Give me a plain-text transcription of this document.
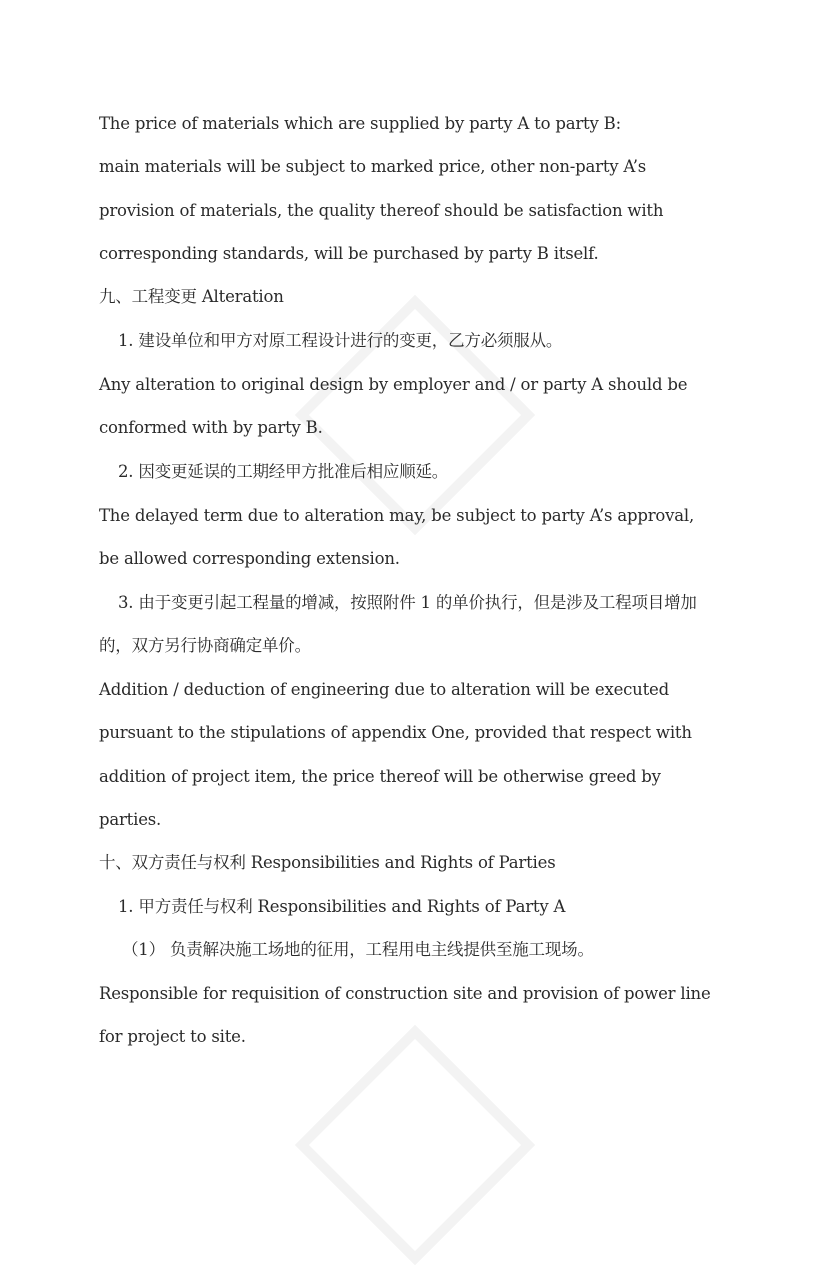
The price of materials which are supplied by party A to party B:
main materials will be subject to marked price, other non-party A’s
provision of materials, the quality thereof should be satisfaction with
corresponding standards, will be purchased by party B itself.
九、工程变更 Alteration
1. 建设单位和甲方对原工程设计进行的变更，乙方必须服从。
Any alteration to original design by employer and / or party A should be
conformed with by party B.
2. 因变更延误的工期经甲方批准后相应顺延。
The delayed term due to alteration may, be subject to party A’s approval,
be allowed corresponding extension.
3. 由于变更引起工程量的增减，按照附件 1 的单价执行，但是涉及工程项目增加
的，双方另行协商确定单价。
Addition / deduction of engineering due to alteration will be executed
pursuant to the stipulations of appendix One, provided that respect with
addition of project item, the price thereof will be otherwise greed by
parties.
十、双方责任与权利 Responsibilities and Rights of Parties
1. 甲方责任与权利 Responsibilities and Rights of Party A
（1） 负责解决施工场地的征用，工程用电主线提供至施工现场。
Responsible for requisition of construction site and provision of power line
for project to site.
